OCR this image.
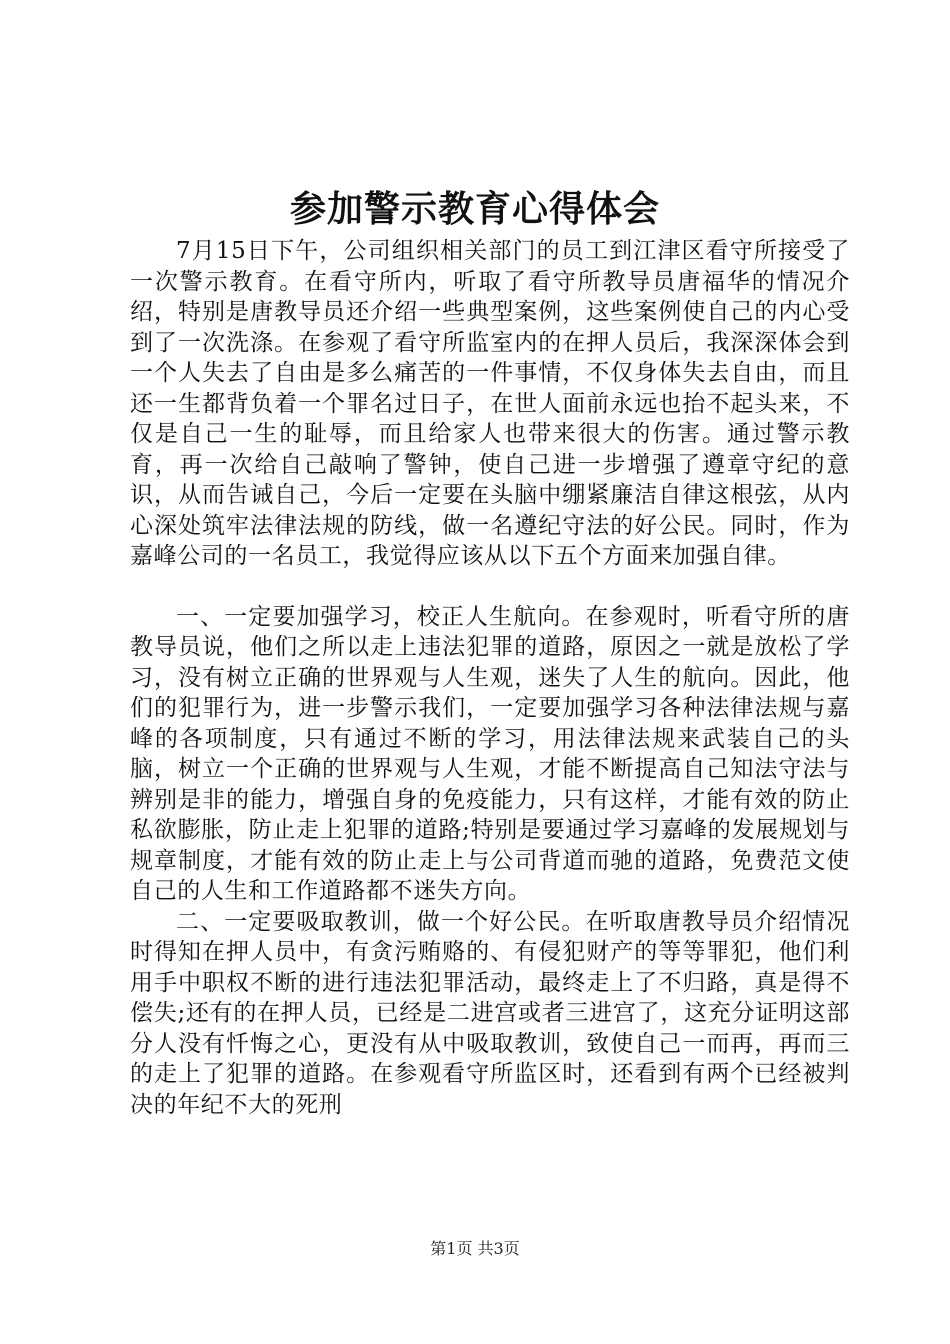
参加警示教育心得体会

7月15日下午，公司组织相关部门的员工到江津区看守所接受了一次警示教育。在看守所内，听取了看守所教导员唐福华的情况介绍，特别是唐教导员还介绍一些典型案例，这些案例使自己的内心受到了一次洗涤。在参观了看守所监室内的在押人员后，我深深体会到一个人失去了自由是多么痛苦的一件事情，不仅身体失去自由，而且还一生都背负着一个罪名过日子，在世人面前永远也抬不起头来，不仅是自己一生的耻辱，而且给家人也带来很大的伤害。通过警示教育，再一次给自己敲响了警钟，使自己进一步增强了遵章守纪的意识，从而告诫自己，今后一定要在头脑中绷紧廉洁自律这根弦，从内心深处筑牢法律法规的防线，做一名遵纪守法的好公民。同时，作为嘉峰公司的一名员工，我觉得应该从以下五个方面来加强自律。

一、一定要加强学习，校正人生航向。在参观时，听看守所的唐教导员说，他们之所以走上违法犯罪的道路，原因之一就是放松了学习，没有树立正确的世界观与人生观，迷失了人生的航向。因此，他们的犯罪行为，进一步警示我们，一定要加强学习各种法律法规与嘉峰的各项制度，只有通过不断的学习，用法律法规来武装自己的头脑，树立一个正确的世界观与人生观，才能不断提高自己知法守法与辨别是非的能力，增强自身的免疫能力，只有这样，才能有效的防止私欲膨胀，防止走上犯罪的道路;特别是要通过学习嘉峰的发展规划与规章制度，才能有效的防止走上与公司背道而驰的道路，免费范文使自己的人生和工作道路都不迷失方向。

二、一定要吸取教训，做一个好公民。在听取唐教导员介绍情况时得知在押人员中，有贪污贿赂的、有侵犯财产的等等罪犯，他们利用手中职权不断的进行违法犯罪活动，最终走上了不归路，真是得不偿失;还有的在押人员，已经是二进宫或者三进宫了，这充分证明这部分人没有忏悔之心，更没有从中吸取教训，致使自己一而再，再而三的走上了犯罪的道路。在参观看守所监区时，还看到有两个已经被判决的年纪不大的死刑

第1页 共3页
